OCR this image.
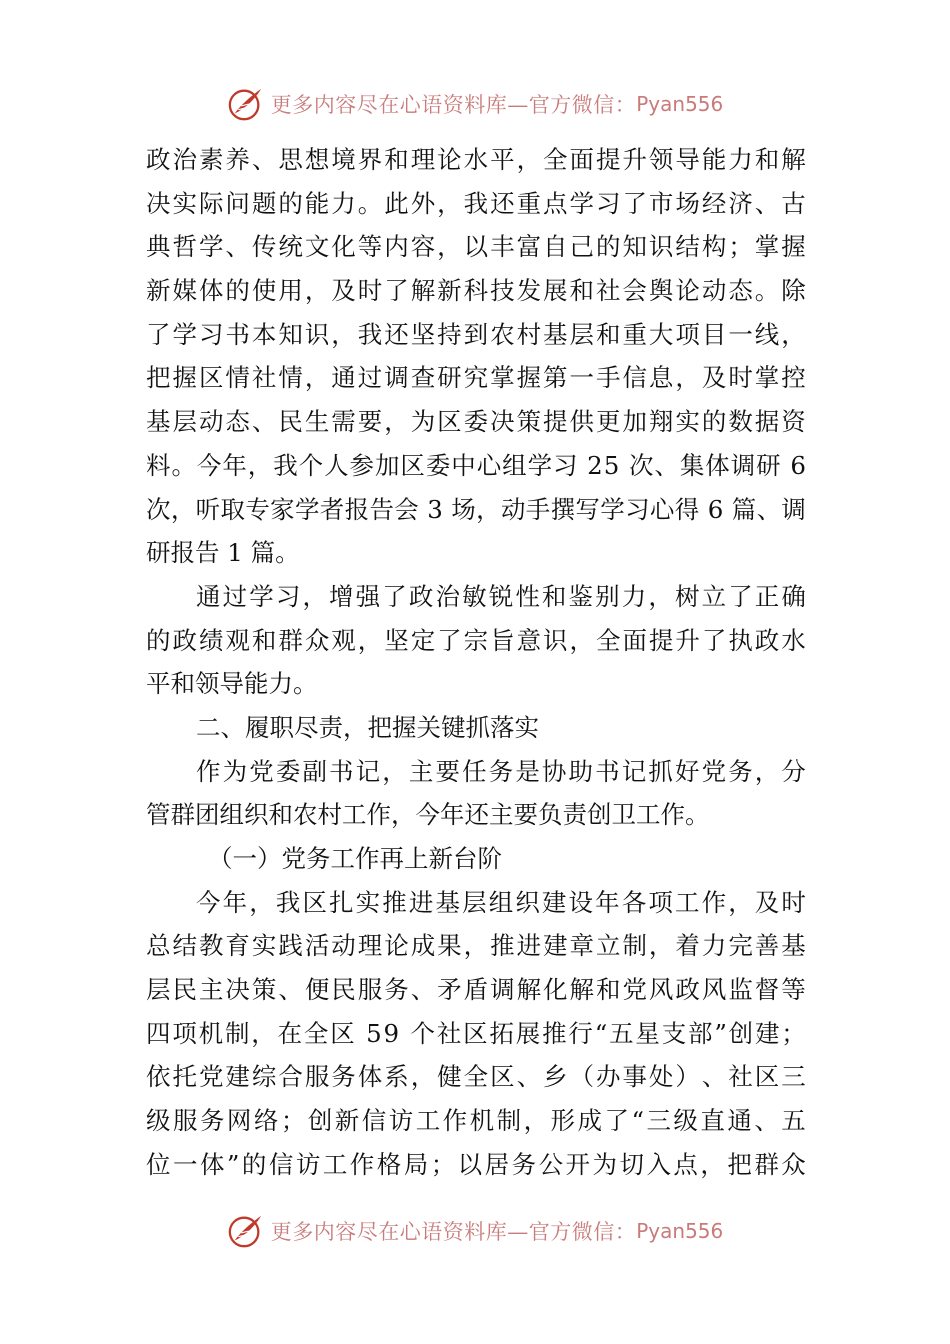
更多内容尽在心语资料库—官方微信： Pyan556
政 治 素 养 、 思 想 境 界 和 理 论 水 平 ， 全 面 提 升 领 导 能 力 和 解
决 实 际 问 题 的 能 力 。 此 外 ， 我 还 重 点 学 习 了 市 场 经 济 、 古
典 哲 学 、 传 统 文 化 等 内 容 ， 以 丰 富 自 己 的 知 识 结 构 ； 掌 握
新 媒 体 的 使 用 ， 及 时 了 解 新 科 技 发 展 和 社 会 舆 论 动 态 。 除
了 学 习 书 本 知 识 ， 我 还 坚 持 到 农 村 基 层 和 重 大 项 目 一 线 ，
把 握 区 情 社 情 ， 通 过 调 查 研 究 掌 握 第 一 手 信 息 ， 及 时 掌 控
基 层 动 态 、 民 生 需 要 ， 为 区 委 决 策 提 供 更 加 翔 实 的 数 据 资
料 。 今 年 ， 我 个 人 参 加 区 委 中 心 组 学 习
2 5
次 、 集 体 调 研
6
次 ， 听 取 专 家 学 者 报 告 会
3
场 ， 动 手 撰 写 学 习 心 得
6
篇 、 调
研报告 1 篇。
通 过 学 习 ， 增 强 了 政 治 敏 锐 性 和 鉴 别 力 ， 树 立 了 正 确
的 政 绩 观 和 群 众 观 ， 坚 定 了 宗 旨 意 识 ， 全 面 提 升 了 执 政 水
平和领导能力。
二、履职尽责，把握关键抓落实
作 为 党 委 副 书 记 ， 主 要 任 务 是 协 助 书 记 抓 好 党 务 ， 分
管群团组织和农村工作，今年还主要负责创卫工作。
（一）党务工作再上新台阶
今 年 ， 我 区 扎 实 推 进 基 层 组 织 建 设 年 各 项 工 作 ， 及 时
总 结 教 育 实 践 活 动 理 论 成 果 ， 推 进 建 章 立 制 ， 着 力 完 善 基
层 民 主 决 策 、 便 民 服 务 、 矛 盾 调 解 化 解 和 党 风 政 风 监 督 等
四 项 机 制 ， 在 全 区
5 9
个 社 区 拓 展 推 行 “ 五 星 支 部 ” 创 建 ；
依 托 党 建 综 合 服 务 体 系 ， 健 全 区 、 乡 （ 办 事 处 ） 、 社 区 三
级 服 务 网 络 ； 创 新 信 访 工 作 机 制 ， 形 成 了 “ 三 级 直 通 、 五
位 一 体 ” 的 信 访 工 作 格 局 ； 以 居 务 公 开 为 切 入 点 ， 把 群 众
更多内容尽在心语资料库—官方微信： Pyan556
